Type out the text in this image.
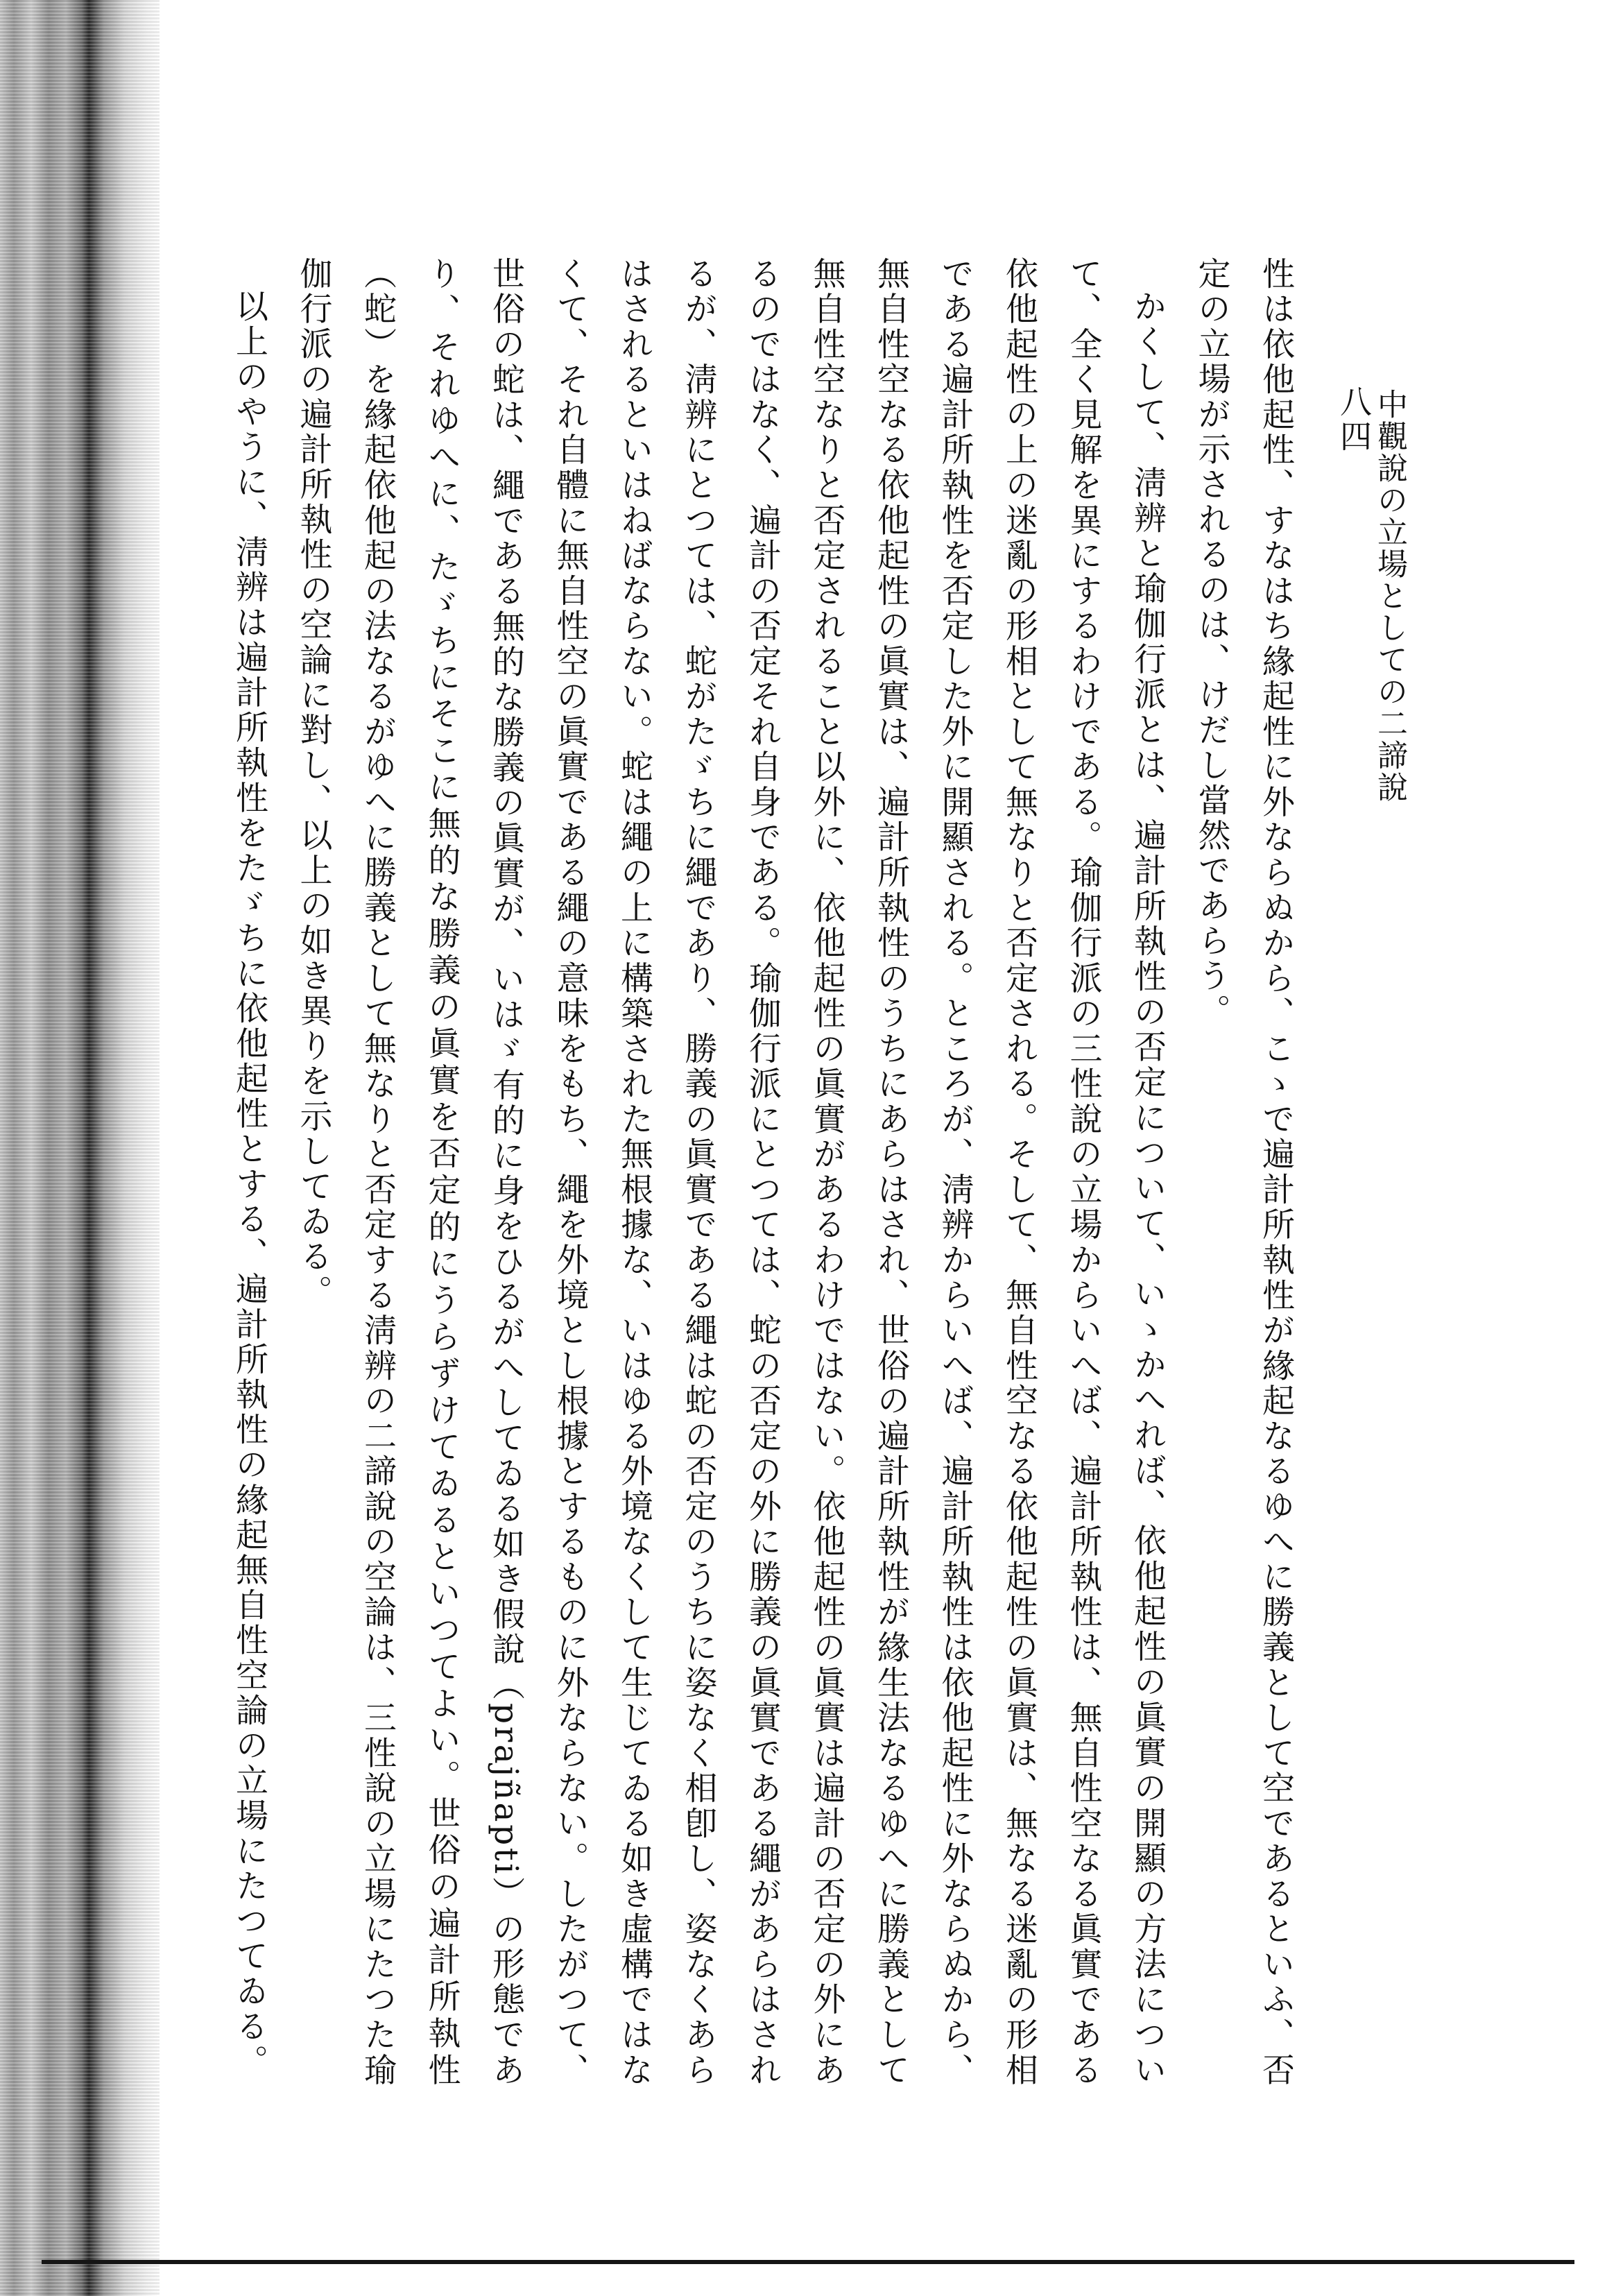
八四 中觀說の立場としての二諦說

性は依他起性、すなはち緣起性に外ならぬから、こゝで遍計所執性が緣起なるゆへに勝義として空であるといふ、否定の立場が示されるのは、けだし當然であらう。

かくして、淸辨と瑜伽行派とは、遍計所執性の否定について、いゝかへれば、依他起性の眞實の開顯の方法について、全く見解を異にするわけである。瑜伽行派の三性說の立場からいへば、遍計所執性は、無自性空なる眞實である依他起性の上の迷亂の形相として無なりと否定される。そして、無自性空なる依他起性の眞實は、無なる迷亂の形相である遍計所執性を否定した外に開顯される。ところが、淸辨からいへば、遍計所執性は依他起性に外ならぬから、無自性空なる依他起性の眞實は、遍計所執性のうちにあらはされ、世俗の遍計所執性が緣生法なるゆへに勝義として無自性空なりと否定されること以外に、依他起性の眞實があるわけではない。依他起性の眞實は遍計の否定の外にあるのではなく、遍計の否定それ自身である。瑜伽行派にとつては、蛇の否定の外に勝義の眞實である繩があらはされるが、淸辨にとつては、蛇がたゞちに繩であり、勝義の眞實である繩は蛇の否定のうちに姿なく相卽し、姿なくあらはされるといはねばならない。蛇は繩の上に構築された無根據な、いはゆる外境なくして生じてゐる如き虛構ではなくて、それ自體に無自性空の眞實である繩の意味をもち、繩を外境とし根據とするものに外ならない。したがつて、世俗の蛇は、繩である無的な勝義の眞實が、いはゞ有的に身をひるがへしてゐる如き假說（prajñapti）の形態であり、それゆへに、たゞちにそこに無的な勝義の眞實を否定的にうらずけてゐるといつてよい。世俗の遍計所執性（蛇）を緣起依他起の法なるがゆへに勝義として無なりと否定する淸辨の二諦說の空論は、三性說の立場にたつた瑜伽行派の遍計所執性の空論に對し、以上の如き異りを示してゐる。

以上のやうに、淸辨は遍計所執性をたゞちに依他起性とする、遍計所執性の緣起無自性空論の立場にたつてゐる。
